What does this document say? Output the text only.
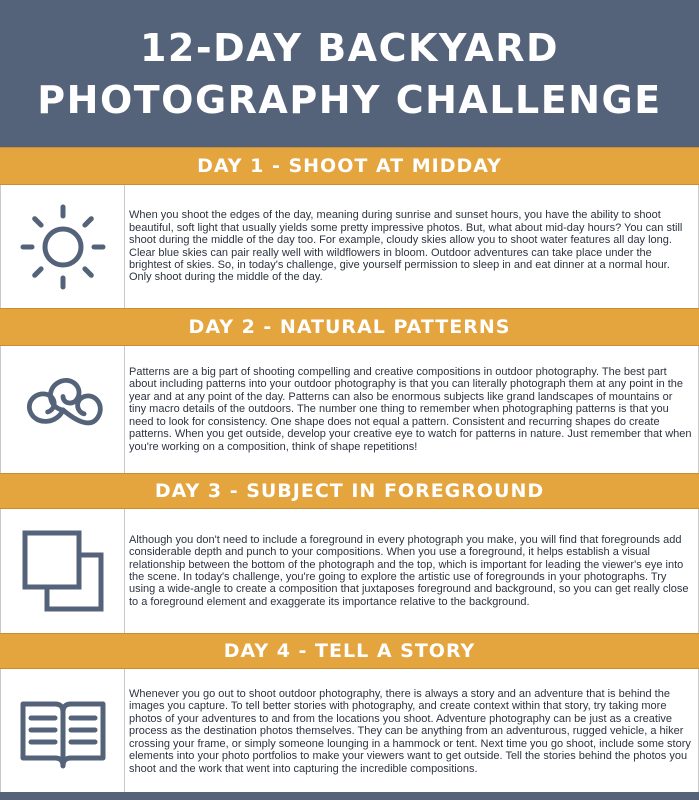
12-DAY BACKYARD
PHOTOGRAPHY CHALLENGE
DAY 1 - SHOOT AT MIDDAY

When you shoot the edges of the day, meaning during sunrise and sunset hours, you have the ability to shoot beautiful, soft light that usually yields some pretty impressive photos. But, what about mid-day hours? You can still shoot during the middle of the day too. For example, cloudy skies allow you to shoot water features all day long. Clear blue skies can pair really well with wildflowers in bloom. Outdoor adventures can take place under the brightest of skies. So, in today's challenge, give yourself permission to sleep in and eat dinner at a normal hour. Only shoot during the middle of the day.

DAY 2 - NATURAL PATTERNS

Patterns are a big part of shooting compelling and creative compositions in outdoor photography. The best part about including patterns into your outdoor photography is that you can literally photograph them at any point in the year and at any point of the day. Patterns can also be enormous subjects like grand landscapes of mountains or tiny macro details of the outdoors. The number one thing to remember when photographing patterns is that you need to look for consistency. One shape does not equal a pattern. Consistent and recurring shapes do create patterns. When you get outside, develop your creative eye to watch for patterns in nature. Just remember that when you're working on a composition, think of shape repetitions!

DAY 3 - SUBJECT IN FOREGROUND

Although you don't need to include a foreground in every photograph you make, you will find that foregrounds add considerable depth and punch to your compositions. When you use a foreground, it helps establish a visual relationship between the bottom of the photograph and the top, which is important for leading the viewer's eye into the scene. In today's challenge, you're going to explore the artistic use of foregrounds in your photographs. Try using a wide-angle to create a composition that juxtaposes foreground and background, so you can get really close to a foreground element and exaggerate its importance relative to the background.

DAY 4 - TELL A STORY

Whenever you go out to shoot outdoor photography, there is always a story and an adventure that is behind the images you capture. To tell better stories with photography, and create context within that story, try taking more photos of your adventures to and from the locations you shoot. Adventure photography can be just as a creative process as the destination photos themselves. They can be anything from an adventurous, rugged vehicle, a hiker crossing your frame, or simply someone lounging in a hammock or tent. Next time you go shoot, include some story elements into your photo portfolios to make your viewers want to get outside. Tell the stories behind the photos you shoot and the work that went into capturing the incredible compositions.
